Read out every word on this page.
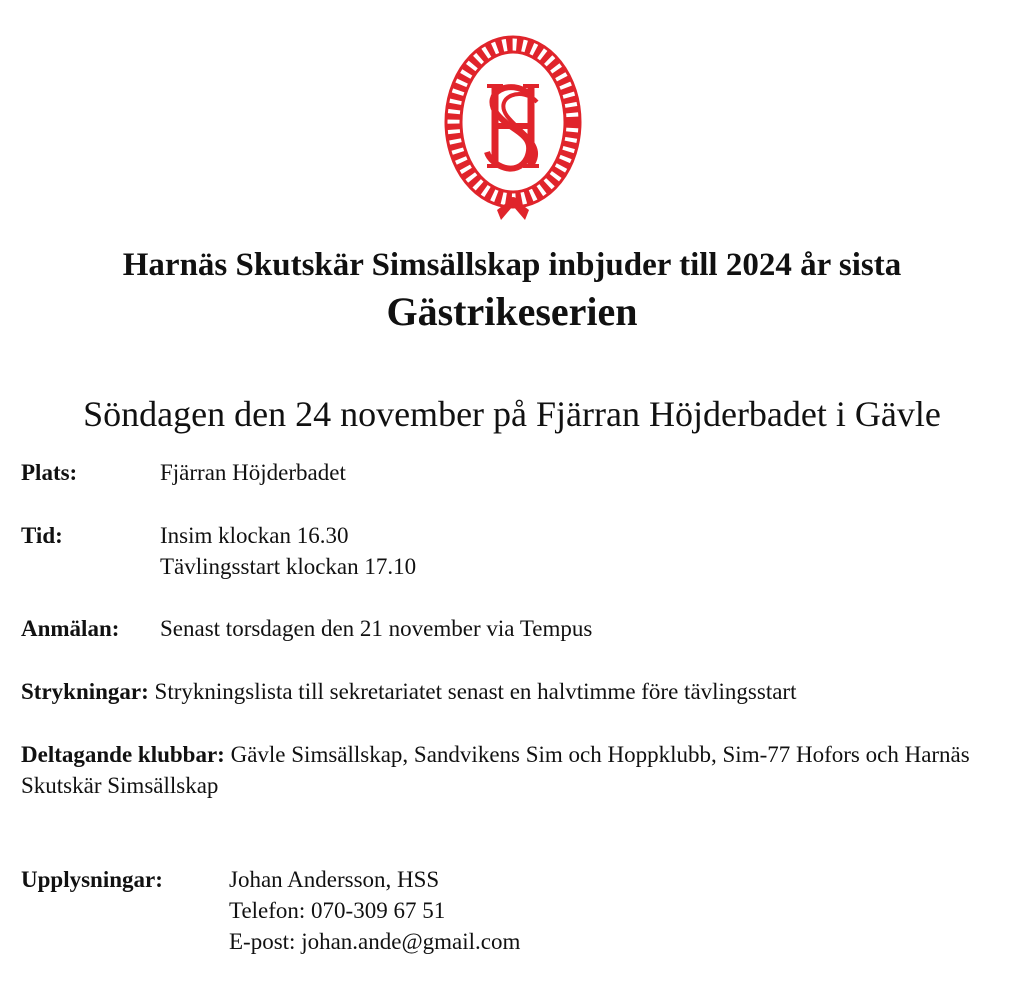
Harnäs Skutskär Simsällskap inbjuder till 2024 år sista
Gästrikeserien
Söndagen den 24 november på Fjärran Höjderbadet i Gävle
Plats:	Fjärran Höjderbadet
Tid:	Insim klockan 16.30
Tävlingsstart klockan 17.10
Anmälan: Senast torsdagen den 21 november via Tempus
Strykningar: Strykningslista till sekretariatet senast en halvtimme före tävlingsstart
Deltagande klubbar: Gävle Simsällskap, Sandvikens Sim och Hoppklubb, Sim-77 Hofors och Harnäs Skutskär Simsällskap
Upplysningar:	Johan Andersson, HSS
Telefon: 070-309 67 51
E-post: johan.ande@gmail.com
